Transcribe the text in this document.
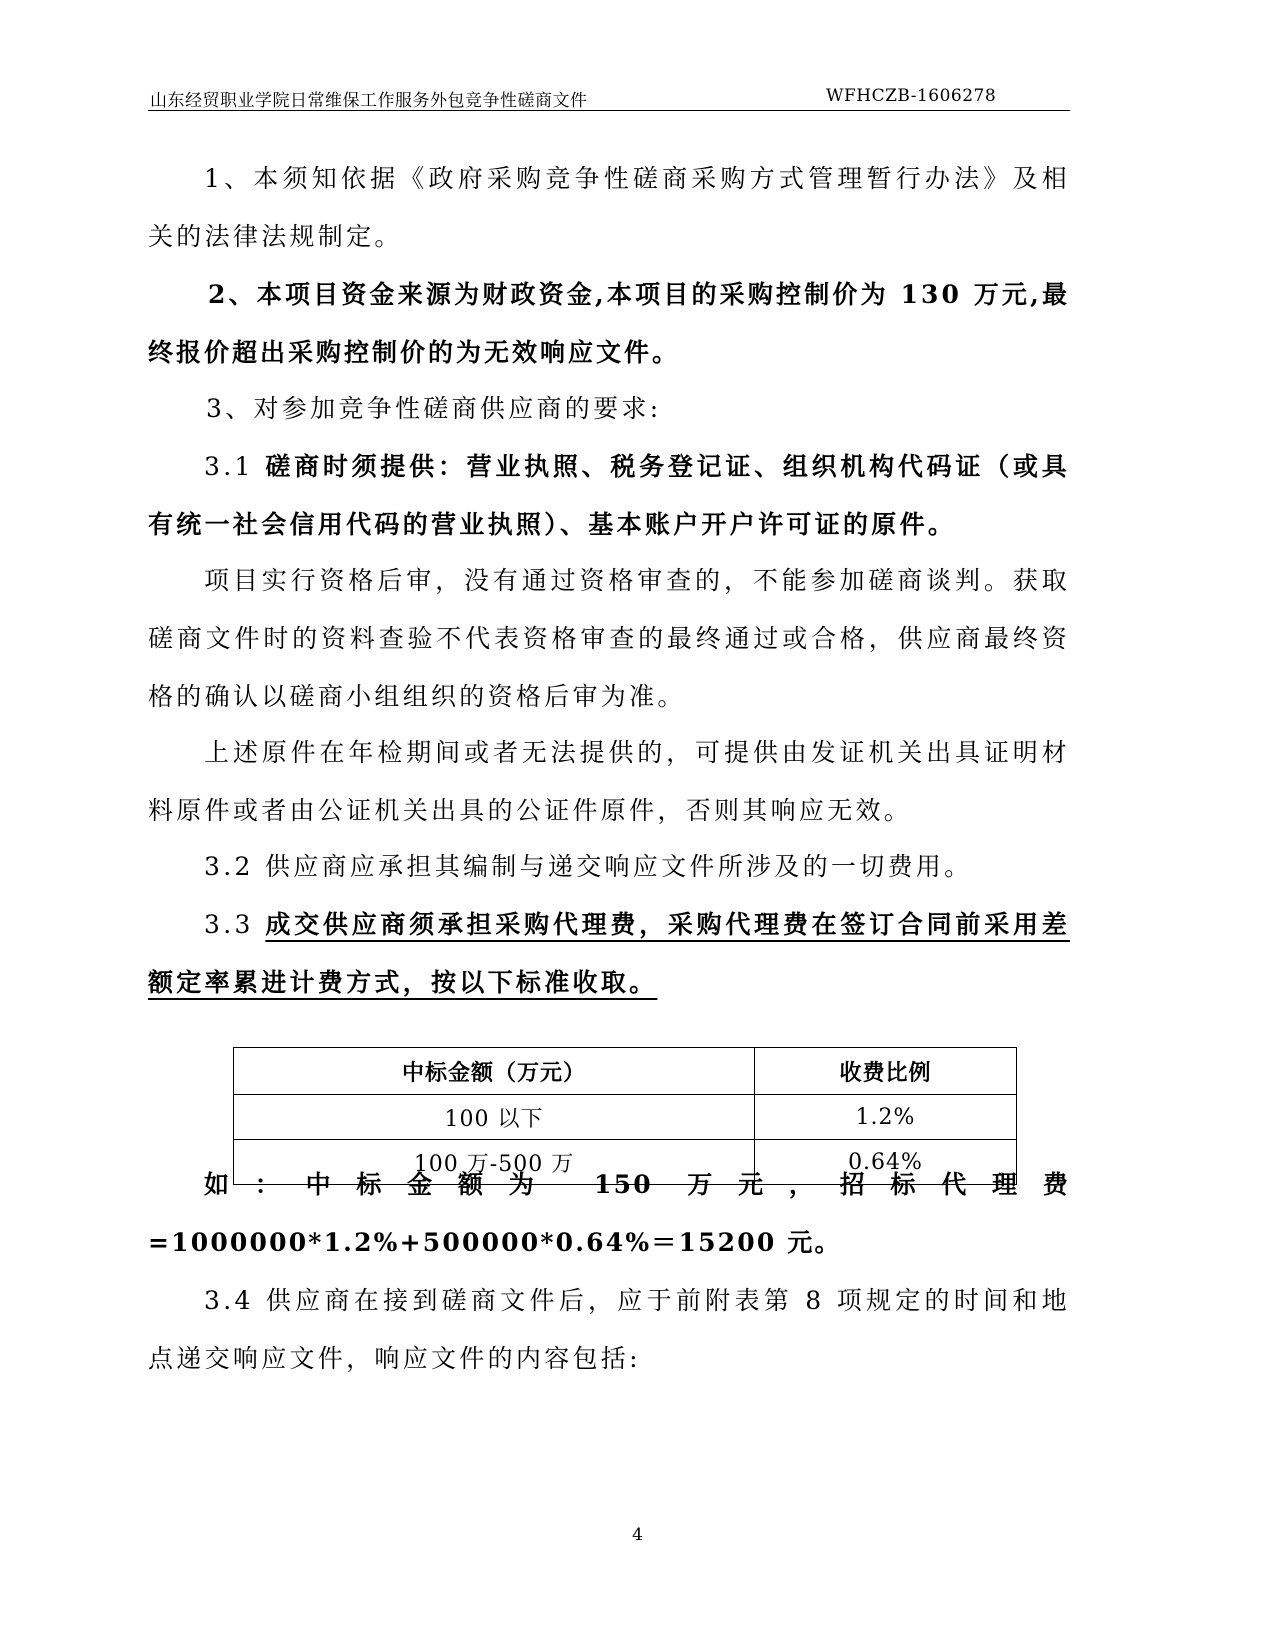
山东经贸职业学院日常维保工作服务外包竞争性磋商文件	WFHCZB-1606278
1、本须知依据《政府采购竞争性磋商采购方式管理暂行办法》及相关的法律法规制定。
2、本项目资金来源为财政资金,本项目的采购控制价为 130 万元,最终报价超出采购控制价的为无效响应文件。
3、对参加竞争性磋商供应商的要求:
3.1 磋商时须提供：营业执照、税务登记证、组织机构代码证（或具有统一社会信用代码的营业执照）、基本账户开户许可证的原件。
项目实行资格后审，没有通过资格审查的，不能参加磋商谈判。获取磋商文件时的资料查验不代表资格审查的最终通过或合格，供应商最终资格的确认以磋商小组组织的资格后审为准。
上述原件在年检期间或者无法提供的，可提供由发证机关出具证明材料原件或者由公证机关出具的公证件原件，否则其响应无效。
3.2 供应商应承担其编制与递交响应文件所涉及的一切费用。
3.3 成交供应商须承担采购代理费，采购代理费在签订合同前采用差额定率累进计费方式，按以下标准收取。
中标金额（万元）	收费比例
100 以下	1.2%
100 万-500 万	0.64%
如：中标金额为 150 万元，招标代理费=1000000*1.2%+500000*0.64%＝15200 元。
3.4 供应商在接到磋商文件后，应于前附表第 8 项规定的时间和地点递交响应文件，响应文件的内容包括:
4
